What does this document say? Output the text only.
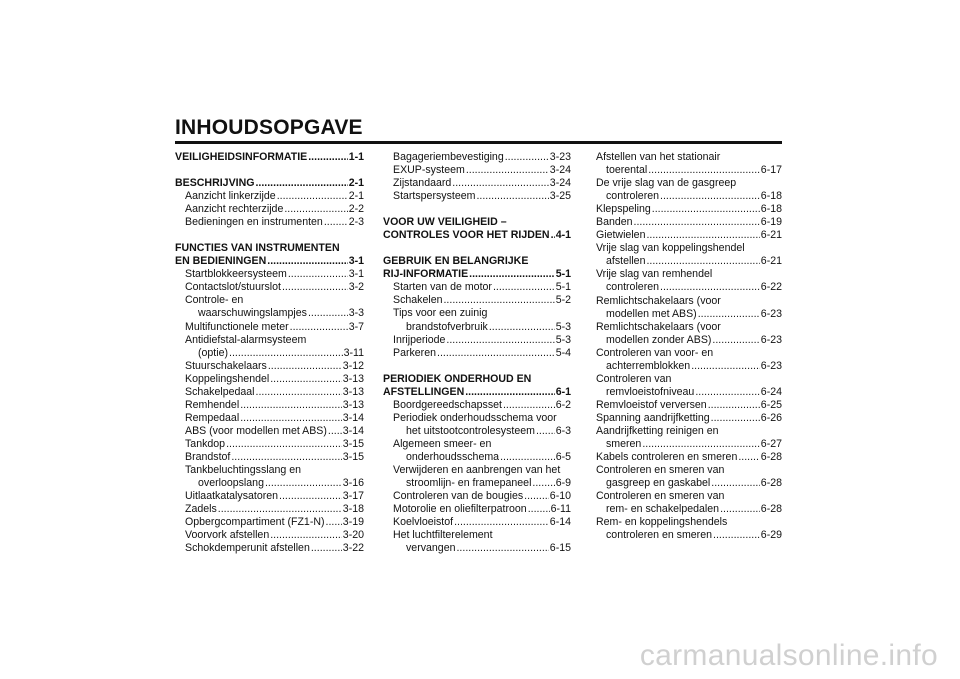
INHOUDSOPGAVE
VEILIGHEIDSINFORMATIE .....	1-1
BESCHRIJVING .....	2-1
Aanzicht linkerzijde .....	2-1
Aanzicht rechterzijde .....	2-2
Bedieningen en instrumenten ..... 2-3
FUNCTIES VAN INSTRUMENTEN
EN BEDIENINGEN .....	3-1
Startblokkeersysteem .....	3-1
Contactslot/stuurslot .....	3-2
Controle- en
waarschuwingslampjes .....	3-3
Multifunctionele meter .....	3-7
Antidiefstal-alarmsysteem
(optie) .....	3-11
Stuurschakelaars .....	3-12
Koppelingshendel .....	3-13
Schakelpedaal .....	3-13
Remhendel .....	3-13
Rempedaal .....	3-14
ABS (voor modellen met ABS) ..... 3-14
Tankdop .....	3-15
Brandstof .....	3-15
Tankbeluchtingsslang en
overloopslang .....	3-16
Uitlaatkatalysatoren .....	3-17
Zadels .....	3-18
Opbergcompartiment (FZ1-N) ..... 3-19
Voorvork afstellen .....	3-20
Schokdemperunit afstellen .....	3-22
Bagageriembevestiging .....	3-23
EXUP-systeem .....	3-24
Zijstandaard .....	3-24
Startspersysteem .....	3-25
VOOR UW VEILIGHEID –
CONTROLES VOOR HET RIJDEN ..... 4-1
GEBRUIK EN BELANGRIJKE
RIJ-INFORMATIE .....	5-1
Starten van de motor .....	5-1
Schakelen .....	5-2
Tips voor een zuinig
brandstofverbruik .....	5-3
Inrijperiode .....	5-3
Parkeren .....	5-4
PERIODIEK ONDERHOUD EN
AFSTELLINGEN .....	6-1
Boordgereedschapsset .....	6-2
Periodiek onderhoudsschema voor
het uitstootcontrolesysteem ..... 6-3
Algemeen smeer- en
onderhoudsschema .....	6-5
Verwijderen en aanbrengen van het
stroomlijn- en framepaneel ..... 6-9
Controleren van de bougies .....	6-10
Motorolie en oliefilterpatroon ..... 6-11
Koelvloeistof .....	6-14
Het luchtfilterelement
vervangen .....	6-15
Afstellen van het stationair
toerental .....	6-17
De vrije slag van de gasgreep
controleren .....	6-18
Klepspeling .....	6-18
Banden .....	6-19
Gietwielen .....	6-21
Vrije slag van koppelingshendel
afstellen .....	6-21
Vrije slag van remhendel
controleren .....	6-22
Remlichtschakelaars (voor
modellen met ABS) .....	6-23
Remlichtschakelaars (voor
modellen zonder ABS) .....	6-23
Controleren van voor- en
achterremblokken .....	6-23
Controleren van
remvloeistofniveau .....	6-24
Remvloeistof verversen .....	6-25
Spanning aandrijfketting .....	6-26
Aandrijfketting reinigen en
smeren .....	6-27
Kabels controleren en smeren ..... 6-28
Controleren en smeren van
gasgreep en gaskabel .....	6-28
Controleren en smeren van
rem- en schakelpedalen .....	6-28
Rem- en koppelingshendels
controleren en smeren .....	6-29
carmanualsonline.info
